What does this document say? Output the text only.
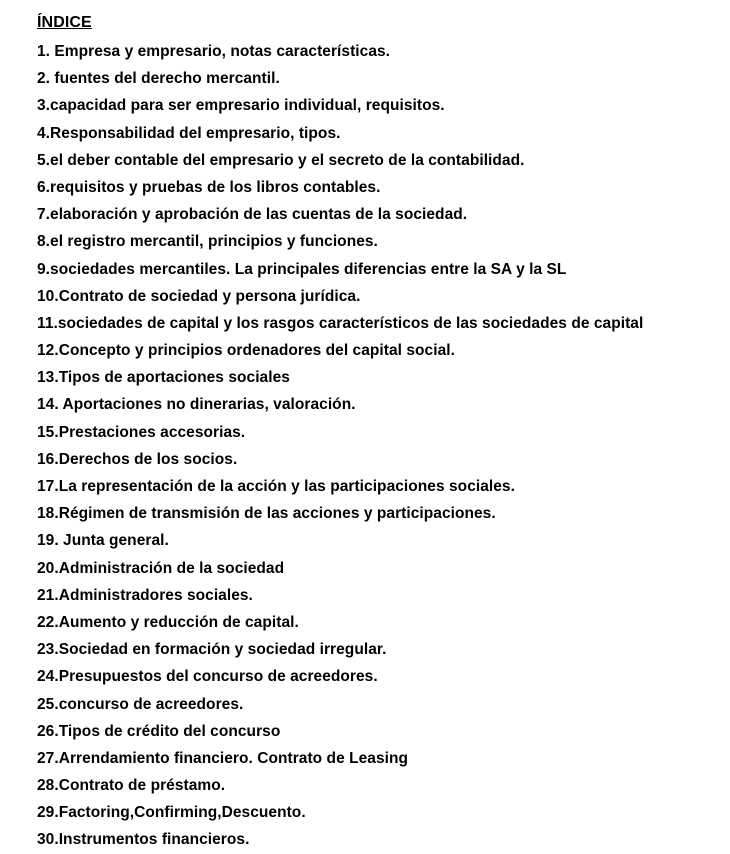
ÍNDICE
1. Empresa y empresario, notas características.
2. fuentes del derecho mercantil.
3.capacidad para ser empresario individual, requisitos.
4.Responsabilidad del empresario, tipos.
5.el deber contable del empresario y el secreto de la contabilidad.
6.requisitos y pruebas de los libros contables.
7.elaboración y aprobación de las cuentas de la sociedad.
8.el registro mercantil, principios y funciones.
9.sociedades mercantiles. La principales diferencias entre la SA y la SL
10.Contrato de sociedad y persona jurídica.
11.sociedades de capital y los rasgos característicos de las sociedades de capital
12.Concepto y principios ordenadores del capital social.
13.Tipos de aportaciones sociales
14. Aportaciones no dinerarias, valoración.
15.Prestaciones accesorias.
16.Derechos de los socios.
17.La representación de la acción y las participaciones sociales.
18.Régimen de transmisión de las acciones y participaciones.
19. Junta general.
20.Administración de la sociedad
21.Administradores sociales.
22.Aumento y reducción de capital.
23.Sociedad en formación y sociedad irregular.
24.Presupuestos del concurso de acreedores.
25.concurso de acreedores.
26.Tipos de crédito del concurso
27.Arrendamiento financiero. Contrato de Leasing
28.Contrato de préstamo.
29.Factoring,Confirming,Descuento.
30.Instrumentos financieros.
